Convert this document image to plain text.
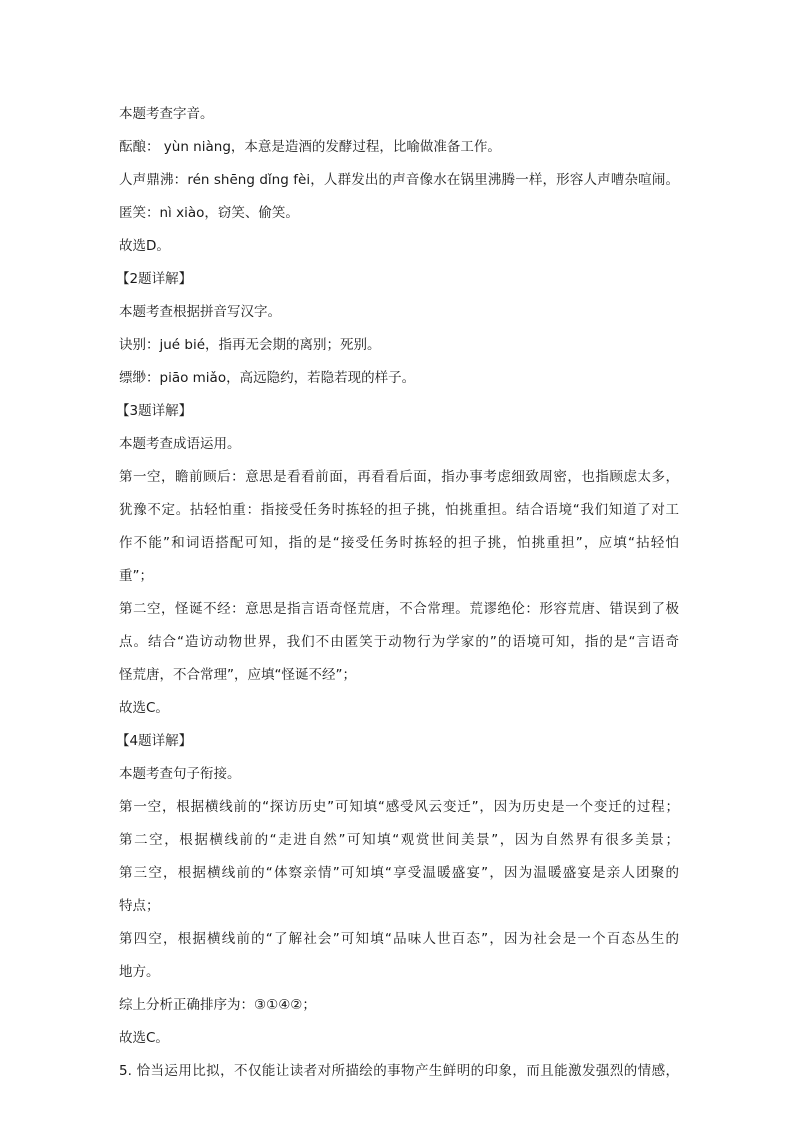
本题考查字音。
酝酿： yùn niàng，本意是造酒的发酵过程，比喻做准备工作。
人声鼎沸：rén shēng dǐng fèi，人群发出的声音像水在锅里沸腾一样，形容人声嘈杂喧闹。
匿笑：nì xiào，窃笑、偷笑。
故选D。
【2题详解】
本题考查根据拼音写汉字。
诀别：jué bié，指再无会期的离别；死别。
缥缈：piāo miǎo，高远隐约，若隐若现的样子。
【3题详解】
本题考查成语运用。
第一空，瞻前顾后：意思是看看前面，再看看后面，指办事考虑细致周密，也指顾虑太多，
犹豫不定。拈轻怕重：指接受任务时拣轻的担子挑，怕挑重担。结合语境“我们知道了对工
作不能”和词语搭配可知，指的是“接受任务时拣轻的担子挑，怕挑重担”，应填“拈轻怕
重”；
第二空，怪诞不经：意思是指言语奇怪荒唐，不合常理。荒谬绝伦：形容荒唐、错误到了极
点。结合“造访动物世界，我们不由匿笑于动物行为学家的”的语境可知，指的是“言语奇
怪荒唐，不合常理”，应填“怪诞不经”；
故选C。
【4题详解】
本题考查句子衔接。
第一空，根据横线前的“探访历史”可知填“感受风云变迁”，因为历史是一个变迁的过程；
第二空，根据横线前的“走进自然”可知填“观赏世间美景”，因为自然界有很多美景；
第三空，根据横线前的“体察亲情”可知填“享受温暖盛宴”，因为温暖盛宴是亲人团聚的
特点；
第四空，根据横线前的“了解社会”可知填“品味人世百态”，因为社会是一个百态丛生的
地方。
综上分析正确排序为：③①④②；
故选C。
5. 恰当运用比拟，不仅能让读者对所描绘的事物产生鲜明的印象，而且能激发强烈的情感，
